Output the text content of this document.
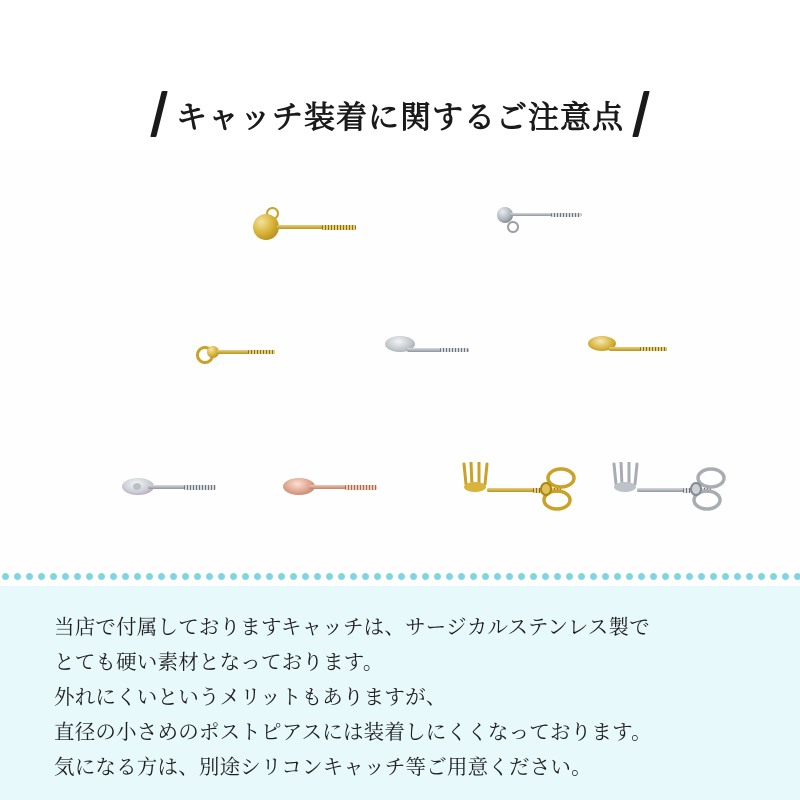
キャッチ装着に関するご注意点
当店で付属しておりますキャッチは、サージカルステンレス製で
とても硬い素材となっております。
外れにくいというメリットもありますが、
直径の小さめのポストピアスには装着しにくくなっております。
気になる方は、別途シリコンキャッチ等ご用意ください。
